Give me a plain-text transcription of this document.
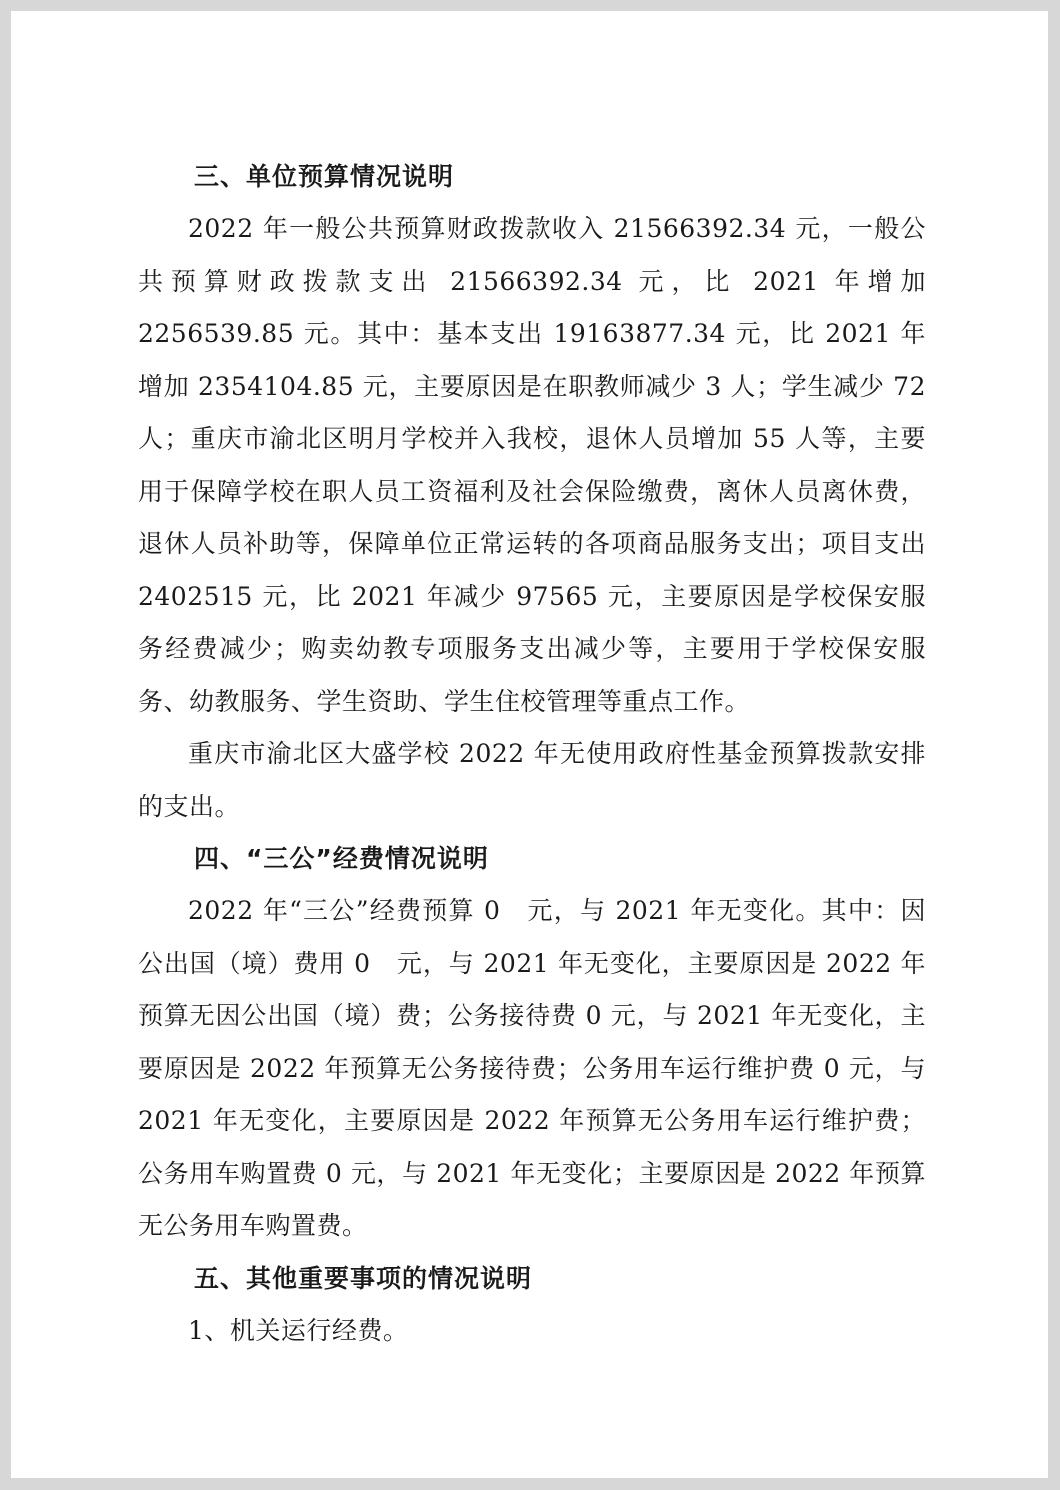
三、单位预算情况说明

2022 年一般公共预算财政拨款收入 21566392.34 元，一般公共预算财政拨款支出 21566392.34 元，比 2021 年增加 2256539.85 元。其中：基本支出 19163877.34 元，比 2021 年增加 2354104.85 元，主要原因是在职教师减少 3 人；学生减少 72 人；重庆市渝北区明月学校并入我校，退休人员增加 55 人等，主要用于保障学校在职人员工资福利及社会保险缴费，离休人员离休费，退休人员补助等，保障单位正常运转的各项商品服务支出；项目支出 2402515 元，比 2021 年减少 97565 元，主要原因是学校保安服务经费减少；购卖幼教专项服务支出减少等，主要用于学校保安服务、幼教服务、学生资助、学生住校管理等重点工作。

重庆市渝北区大盛学校 2022 年无使用政府性基金预算拨款安排的支出。

四、“三公”经费情况说明

2022 年“三公”经费预算 0　元，与 2021 年无变化。其中：因公出国（境）费用 0　元，与 2021 年无变化，主要原因是 2022 年预算无因公出国（境）费；公务接待费 0 元，与 2021 年无变化，主要原因是 2022 年预算无公务接待费；公务用车运行维护费 0 元，与 2021 年无变化，主要原因是 2022 年预算无公务用车运行维护费；公务用车购置费 0 元，与 2021 年无变化；主要原因是 2022 年预算无公务用车购置费。

五、其他重要事项的情况说明

1、机关运行经费。
